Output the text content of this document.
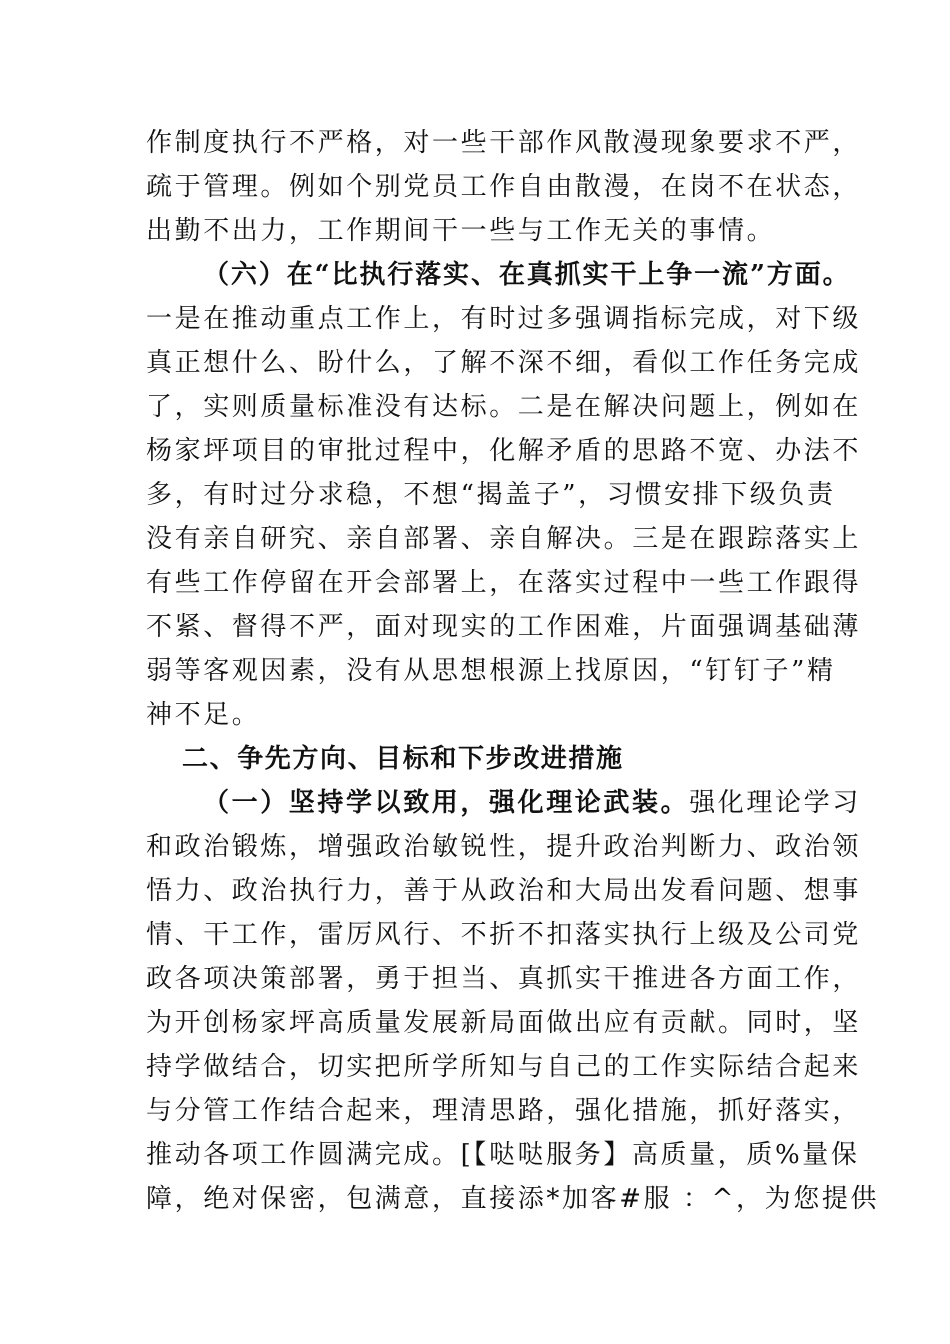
作制度执行不严格，对一些干部作风散漫现象要求不严，
疏于管理。例如个别党员工作自由散漫，在岗不在状态，
出勤不出力，工作期间干一些与工作无关的事情。
（六）在“比执行落实、在真抓实干上争一流”方面。
一是在推动重点工作上，有时过多强调指标完成，对下级
真正想什么、盼什么，了解不深不细，看似工作任务完成
了，实则质量标准没有达标。二是在解决问题上，例如在
杨家坪项目的审批过程中，化解矛盾的思路不宽、办法不
多，有时过分求稳，不想“揭盖子”，习惯安排下级负责
没有亲自研究、亲自部署、亲自解决。三是在跟踪落实上
有些工作停留在开会部署上，在落实过程中一些工作跟得
不紧、督得不严，面对现实的工作困难，片面强调基础薄
弱等客观因素，没有从思想根源上找原因，“钉钉子”精
神不足。
二、争先方向、目标和下步改进措施
（一）坚持学以致用，强化理论武装。强化理论学习
和政治锻炼，增强政治敏锐性，提升政治判断力、政治领
悟力、政治执行力，善于从政治和大局出发看问题、想事
情、干工作，雷厉风行、不折不扣落实执行上级及公司党
政各项决策部署，勇于担当、真抓实干推进各方面工作，
为开创杨家坪高质量发展新局面做出应有贡献。同时，坚
持学做结合，切实把所学所知与自己的工作实际结合起来
与分管工作结合起来，理清思路，强化措施，抓好落实，
推动各项工作圆满完成。[【哒哒服务】高质量，质%量保
障，绝对保密，包满意，直接添*加客#服 ：^，为您提供
